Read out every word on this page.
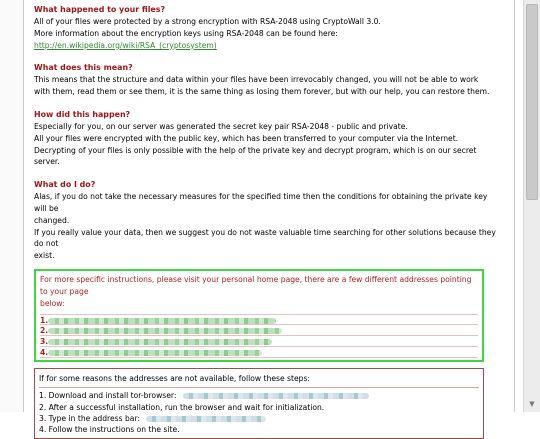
What happened to your files?
All of your files were protected by a strong encryption with RSA-2048 using CryptoWall 3.0.
More information about the encryption keys using RSA-2048 can be found here: http://en.wikipedia.org/wiki/RSA_(cryptosystem)
What does this mean?
This means that the structure and data within your files have been irrevocably changed, you will not be able to work
with them, read them or see them, it is the same thing as losing them forever, but with our help, you can restore them.
How did this happen?
Especially for you, on our server was generated the secret key pair RSA-2048 - public and private.
All your files were encrypted with the public key, which has been transferred to your computer via the Internet.
Decrypting of your files is only possible with the help of the private key and decrypt program, which is on our secret server.
What do I do?
Alas, if you do not take the necessary measures for the specified time then the conditions for obtaining the private key will be
changed.
If you really value your data, then we suggest you do not waste valuable time searching for other solutions because they do not
exist.
For more specific instructions, please visit your personal home page, there are a few different addresses pointing to your page
below:
1.
2.
3.
4.
If for some reasons the addresses are not available, follow these steps:
1. Download and install tor-browser:
2. After a successful installation, run the browser and wait for initialization.
3. Type in the address bar:
4. Follow the instructions on the site.
▼
